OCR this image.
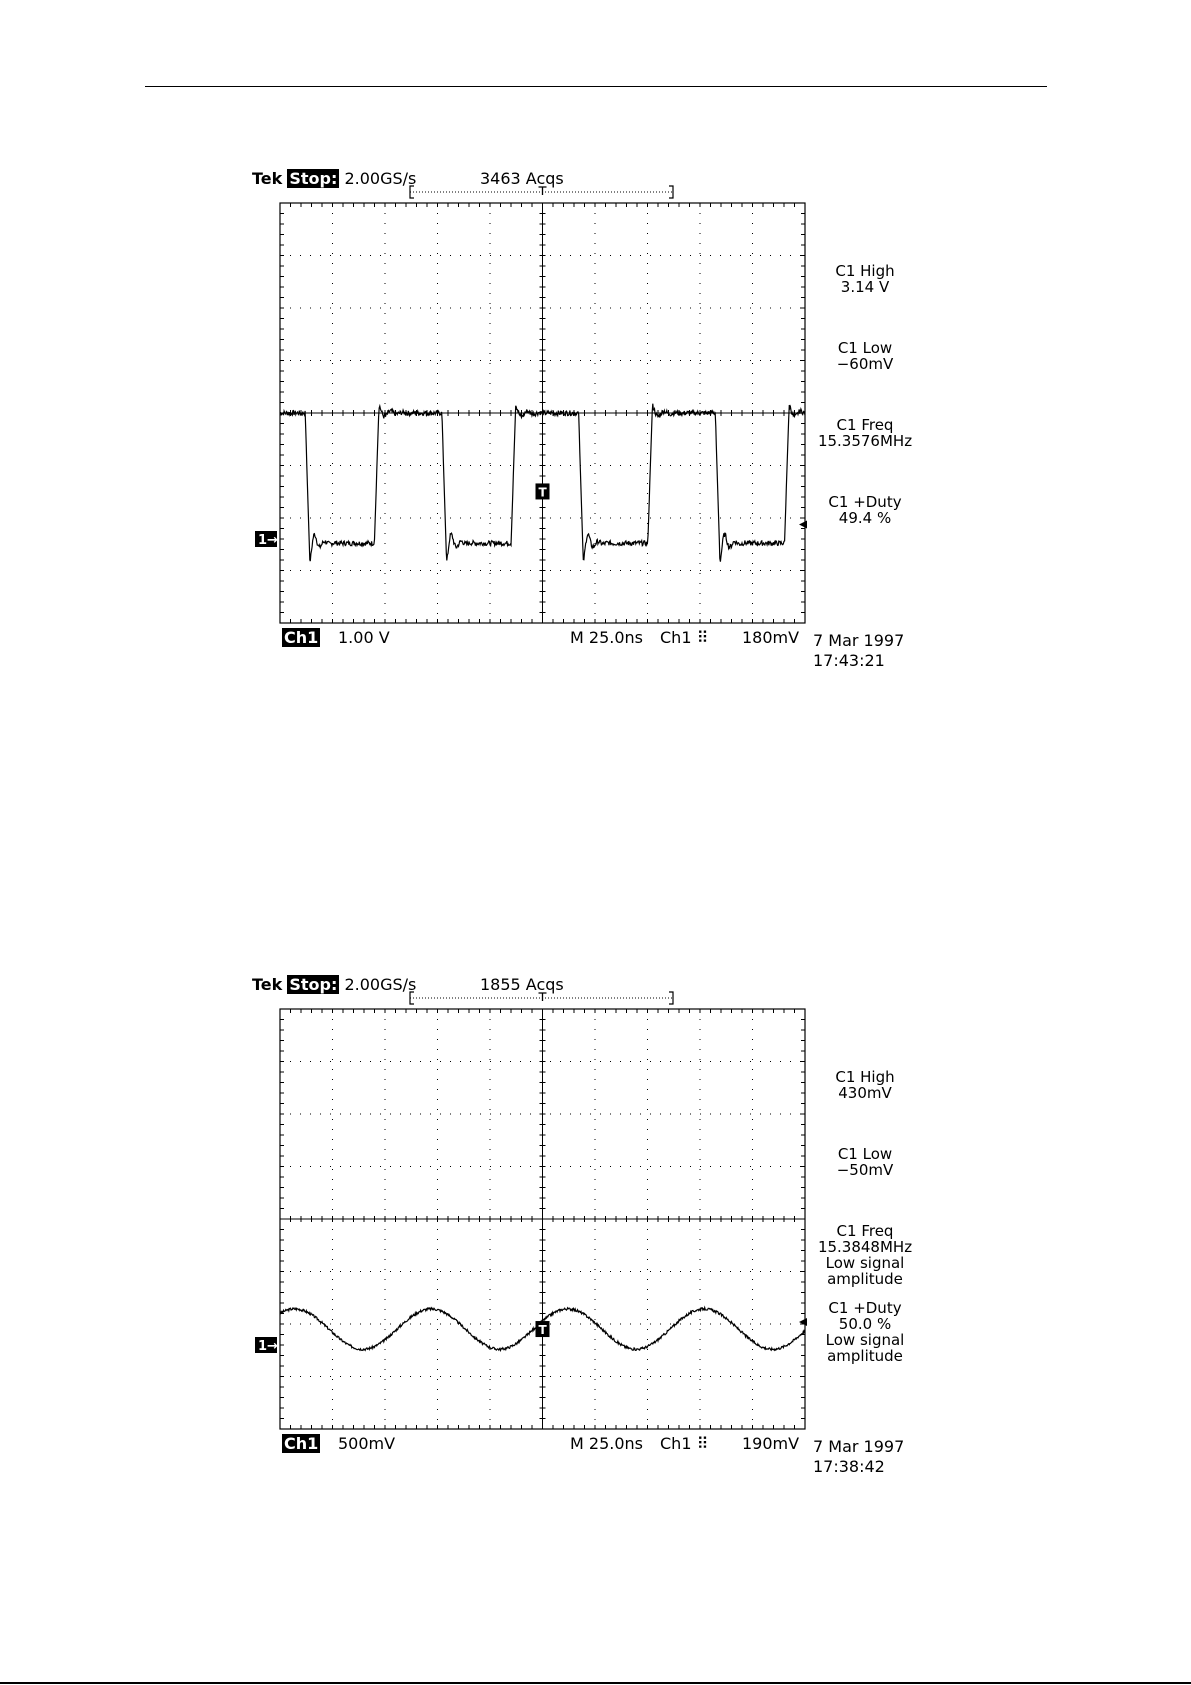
Tek Stop: 2.00GS/s	3463 Acqs
1→
T
C1 High
3.14 V
C1 Low
−60mV
C1 Freq
15.3576MHz
C1 +Duty
49.4 %
Ch1 1.00 V	M 25.0ns Ch1 ⠿ 180mV 7 Mar 1997
17:43:21
Tek Stop: 2.00GS/s	1855 Acqs
1→
T
C1 High
430mV
C1 Low
−50mV
C1 Freq
15.3848MHz
Low signal amplitude
C1 +Duty
50.0 %
Low signal amplitude
Ch1 500mV	M 25.0ns Ch1 ⠿ 190mV 7 Mar 1997
17:38:42
